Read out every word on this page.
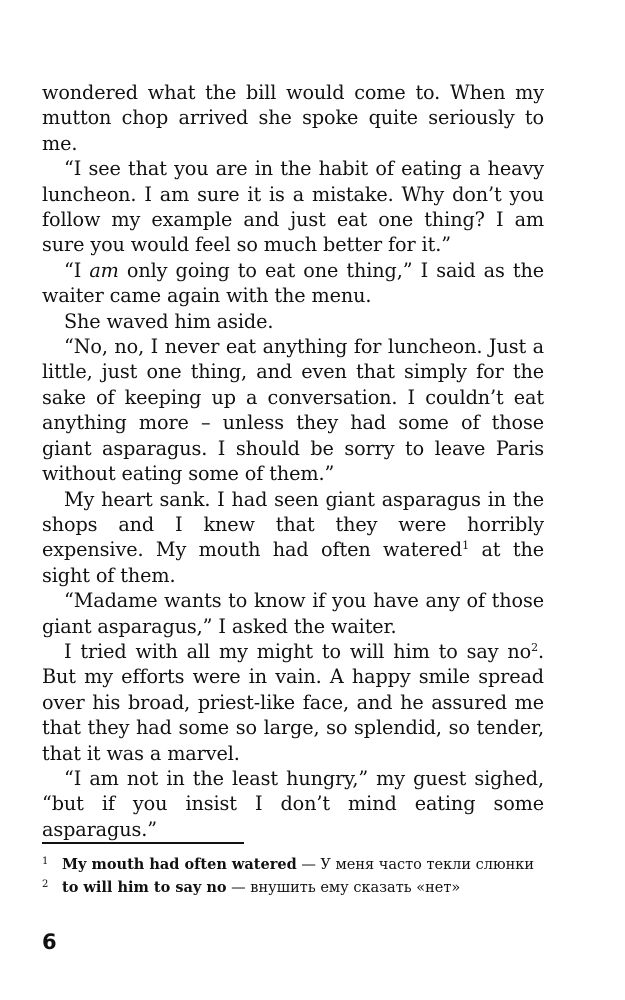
wondered what the bill would come to. When my mutton chop arrived she spoke quite seriously to me.

“I see that you are in the habit of eating a heavy luncheon. I am sure it is a mistake. Why don’t you follow my example and just eat one thing? I am sure you would feel so much better for it.”

“I am only going to eat one thing,” I said as the waiter came again with the menu.

She waved him aside.

“No, no, I never eat anything for luncheon. Just a little, just one thing, and even that simply for the sake of keeping up a conversation. I couldn’t eat anything more – unless they had some of those giant asparagus. I should be sorry to leave Paris without eating some of them.”

My heart sank. I had seen giant asparagus in the shops and I knew that they were horribly expensive. My mouth had often watered$^1$ at the sight of them.

“Madame wants to know if you have any of those giant asparagus,” I asked the waiter.

I tried with all my might to will him to say $no^2$. But my efforts were in vain. A happy smile spread over his broad, priest-like face, and he assured me that they had some so large, so splendid, so tender, that it was a marvel.

“I am not in the least hungry,” my guest sighed, “but if you insist I don’t mind eating some asparagus.”

1 My mouth had often watered — У меня часто текли слюнки

2 to will him to say no — внушить ему сказать «нет»

6
